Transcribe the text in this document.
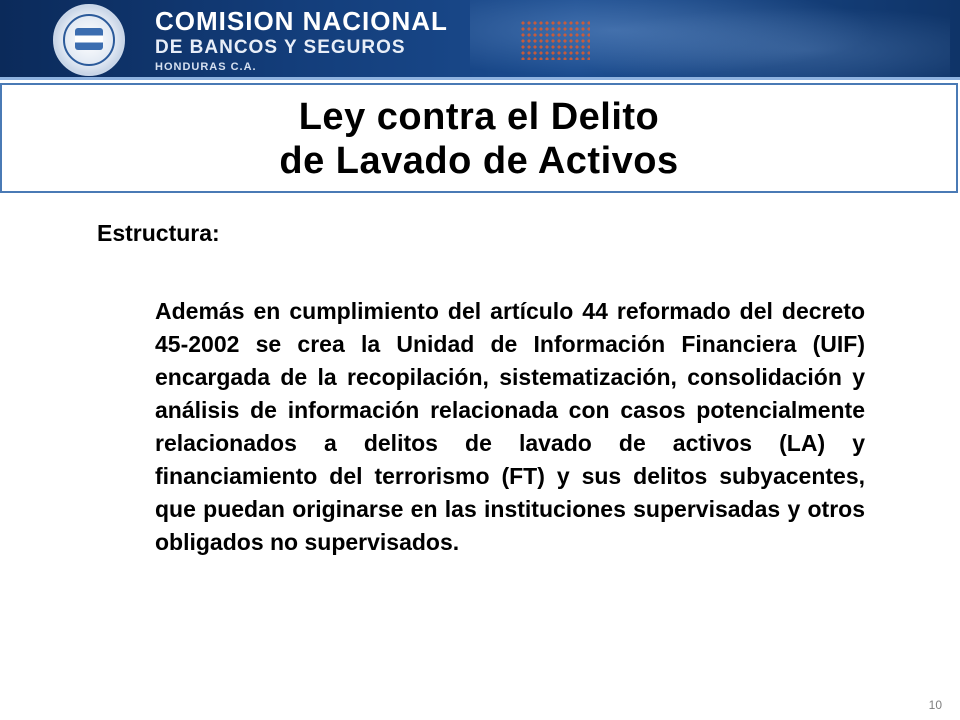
COMISION NACIONAL
DE BANCOS Y SEGUROS
HONDURAS C.A.
Ley contra el Delito
de Lavado de Activos
Estructura:
Además en cumplimiento del artículo 44 reformado del decreto 45-2002 se crea la Unidad de Información Financiera (UIF) encargada de la recopilación, sistematización, consolidación y análisis de información relacionada con casos potencialmente relacionados a delitos de lavado de activos (LA) y financiamiento del terrorismo (FT) y sus delitos subyacentes, que puedan originarse en las instituciones supervisadas y otros obligados no supervisados.
10
